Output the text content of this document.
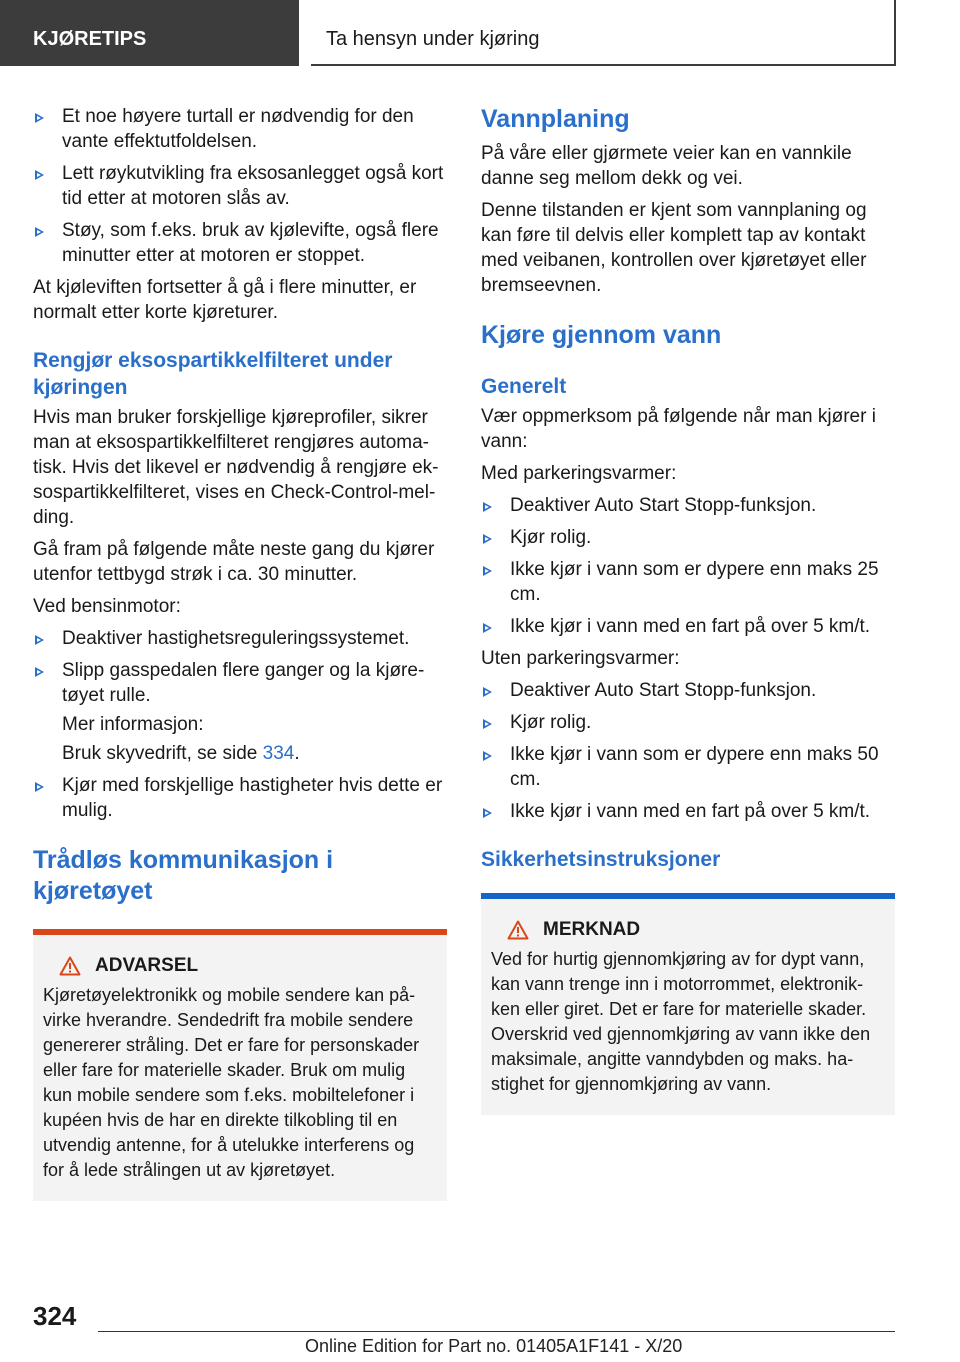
KJØRETIPS	Ta hensyn under kjøring
Et noe høyere turtall er nødvendig for den vante effektutfoldelsen.
Lett røykutvikling fra eksosanlegget også kort tid etter at motoren slås av.
Støy, som f.eks. bruk av kjølevifte, også flere minutter etter at motoren er stoppet.

At kjøleviften fortsetter å gå i flere minutter, er normalt etter korte kjøreturer.

Rengjør eksospartikkelfilteret under kjøringen

Hvis man bruker forskjellige kjøreprofiler, sikrer man at eksospartikkelfilteret rengjøres automa-tisk. Hvis det likevel er nødvendig å rengjøre ek-sospartikkelfilteret, vises en Check-Control-mel-ding.

Gå fram på følgende måte neste gang du kjører utenfor tettbygd strøk i ca. 30 minutter.

Ved bensinmotor:

Deaktiver hastighetsreguleringssystemet.
Slipp gasspedalen flere ganger og la kjøre-tøyet rulle.
Mer informasjon:
Bruk skyvedrift, se side 334.
Kjør med forskjellige hastigheter hvis dette er mulig.
Trådløs kommunikasjon i kjøretøyet
ADVARSEL
Kjøretøyelektronikk og mobile sendere kan på-virke hverandre. Sendedrift fra mobile sendere genererer stråling. Det er fare for personskader eller fare for materielle skader. Bruk om mulig kun mobile sendere som f.eks. mobiltelefoner i kupéen hvis de har en direkte tilkobling til en utvendig antenne, for å utelukke interferens og for å lede strålingen ut av kjøretøyet.
Vannplaning

På våre eller gjørmete veier kan en vannkile danne seg mellom dekk og vei.

Denne tilstanden er kjent som vannplaning og kan føre til delvis eller komplett tap av kontakt med veibanen, kontrollen over kjøretøyet eller bremseevnen.

Kjøre gjennom vann
Generelt

Vær oppmerksom på følgende når man kjører i vann:

Med parkeringsvarmer:

Deaktiver Auto Start Stopp-funksjon.
Kjør rolig.
Ikke kjør i vann som er dypere enn maks 25 cm.
Ikke kjør i vann med en fart på over 5 km/t.

Uten parkeringsvarmer:

Deaktiver Auto Start Stopp-funksjon.
Kjør rolig.
Ikke kjør i vann som er dypere enn maks 50 cm.
Ikke kjør i vann med en fart på over 5 km/t.
Sikkerhetsinstruksjoner
MERKNAD
Ved for hurtig gjennomkjøring av for dypt vann, kan vann trenge inn i motorrommet, elektronik-ken eller giret. Det er fare for materielle skader. Overskrid ved gjennomkjøring av vann ikke den maksimale, angitte vanndybden og maks. ha-stighet for gjennomkjøring av vann.
324
Online Edition for Part no. 01405A1F141 - X/20
